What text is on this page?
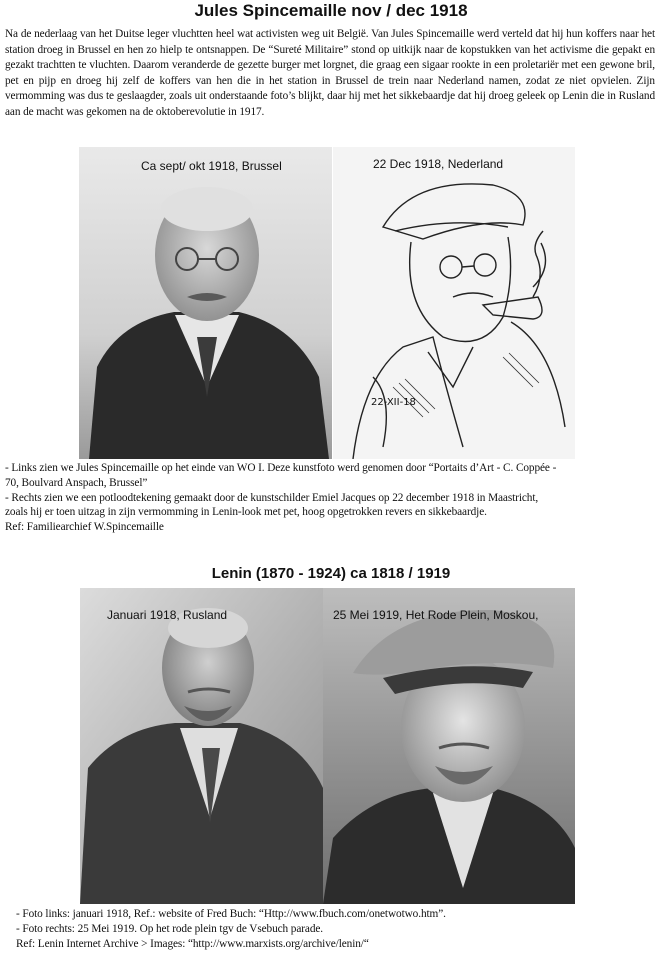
Jules Spincemaille nov / dec 1918
Na de nederlaag van het Duitse leger vluchtten heel wat activisten weg uit België. Van Jules Spincemaille werd verteld dat hij hun koffers naar het station droeg in Brussel en hen zo hielp te ontsnappen. De “Sureté Militaire” stond op uitkijk naar de kopstukken van het activisme die gepakt en gezakt trachtten te vluchten. Daarom veranderde de gezette burger met lorgnet, die graag een sigaar rookte in een proletariër met een gewone bril, pet en pijp en droeg hij zelf de koffers van hen die in het station in Brussel de trein naar Nederland namen, zodat ze niet opvielen. Zijn vermomming was dus te geslaagder, zoals uit onderstaande foto’s blijkt, daar hij met het sikkebaardje dat hij droeg geleek op Lenin die in Rusland aan de macht was gekomen na de oktoberevolutie in 1917.
Ca sept/ okt 1918, Brussel	22 Dec 1918, Nederland
22-XII-18
- Links zien we Jules Spincemaille op het einde van WO I. Deze kunstfoto werd genomen door “Portaits d’Art - C. Coppée -
70, Boulvard Anspach, Brussel”
- Rechts zien we een potloodtekening gemaakt door de kunstschilder Emiel Jacques op 22 december 1918 in Maastricht,
zoals hij er toen uitzag in zijn vermomming in Lenin-look met pet, hoog opgetrokken revers en sikkebaardje.
Ref: Familiearchief W.Spincemaille
Lenin (1870 - 1924) ca 1818 / 1919
Januari 1918, Rusland	25 Mei 1919, Het Rode Plein, Moskou,
- Foto links: januari 1918, Ref.: website of Fred Buch: “Http://www.fbuch.com/onetwotwo.htm”.
- Foto rechts: 25 Mei 1919. Op het rode plein tgv de Vsebuch parade.
Ref: Lenin Internet Archive > Images: “http://www.marxists.org/archive/lenin/“
